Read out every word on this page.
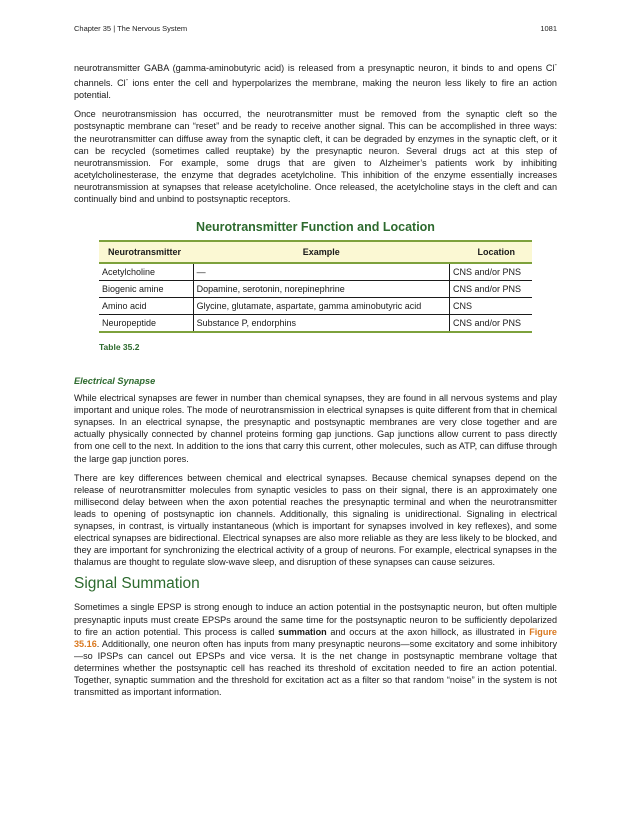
Chapter 35 | The Nervous System	1081

neurotransmitter GABA (gamma-aminobutyric acid) is released from a presynaptic neuron, it binds to and opens Cl- channels. Cl- ions enter the cell and hyperpolarizes the membrane, making the neuron less likely to fire an action potential.

Once neurotransmission has occurred, the neurotransmitter must be removed from the synaptic cleft so the postsynaptic membrane can “reset” and be ready to receive another signal. This can be accomplished in three ways: the neurotransmitter can diffuse away from the synaptic cleft, it can be degraded by enzymes in the synaptic cleft, or it can be recycled (sometimes called reuptake) by the presynaptic neuron. Several drugs act at this step of neurotransmission. For example, some drugs that are given to Alzheimer’s patients work by inhibiting acetylcholinesterase, the enzyme that degrades acetylcholine. This inhibition of the enzyme essentially increases neurotransmission at synapses that release acetylcholine. Once released, the acetylcholine stays in the cleft and can continually bind and unbind to postsynaptic receptors.

Neurotransmitter Function and Location
Neurotransmitter	Example	Location
Acetylcholine	—	CNS and/or PNS
Biogenic amine	Dopamine, serotonin, norepinephrine	CNS and/or PNS
Amino acid	Glycine, glutamate, aspartate, gamma aminobutyric acid	CNS
Neuropeptide	Substance P, endorphins	CNS and/or PNS
Table 35.2
Electrical Synapse

While electrical synapses are fewer in number than chemical synapses, they are found in all nervous systems and play important and unique roles. The mode of neurotransmission in electrical synapses is quite different from that in chemical synapses. In an electrical synapse, the presynaptic and postsynaptic membranes are very close together and are actually physically connected by channel proteins forming gap junctions. Gap junctions allow current to pass directly from one cell to the next. In addition to the ions that carry this current, other molecules, such as ATP, can diffuse through the large gap junction pores.

There are key differences between chemical and electrical synapses. Because chemical synapses depend on the release of neurotransmitter molecules from synaptic vesicles to pass on their signal, there is an approximately one millisecond delay between when the axon potential reaches the presynaptic terminal and when the neurotransmitter leads to opening of postsynaptic ion channels. Additionally, this signaling is unidirectional. Signaling in electrical synapses, in contrast, is virtually instantaneous (which is important for synapses involved in key reflexes), and some electrical synapses are bidirectional. Electrical synapses are also more reliable as they are less likely to be blocked, and they are important for synchronizing the electrical activity of a group of neurons. For example, electrical synapses in the thalamus are thought to regulate slow-wave sleep, and disruption of these synapses can cause seizures.

Signal Summation

Sometimes a single EPSP is strong enough to induce an action potential in the postsynaptic neuron, but often multiple presynaptic inputs must create EPSPs around the same time for the postsynaptic neuron to be sufficiently depolarized to fire an action potential. This process is called summation and occurs at the axon hillock, as illustrated in Figure 35.16. Additionally, one neuron often has inputs from many presynaptic neurons—some excitatory and some inhibitory—so IPSPs can cancel out EPSPs and vice versa. It is the net change in postsynaptic membrane voltage that determines whether the postsynaptic cell has reached its threshold of excitation needed to fire an action potential. Together, synaptic summation and the threshold for excitation act as a filter so that random “noise” in the system is not transmitted as important information.
